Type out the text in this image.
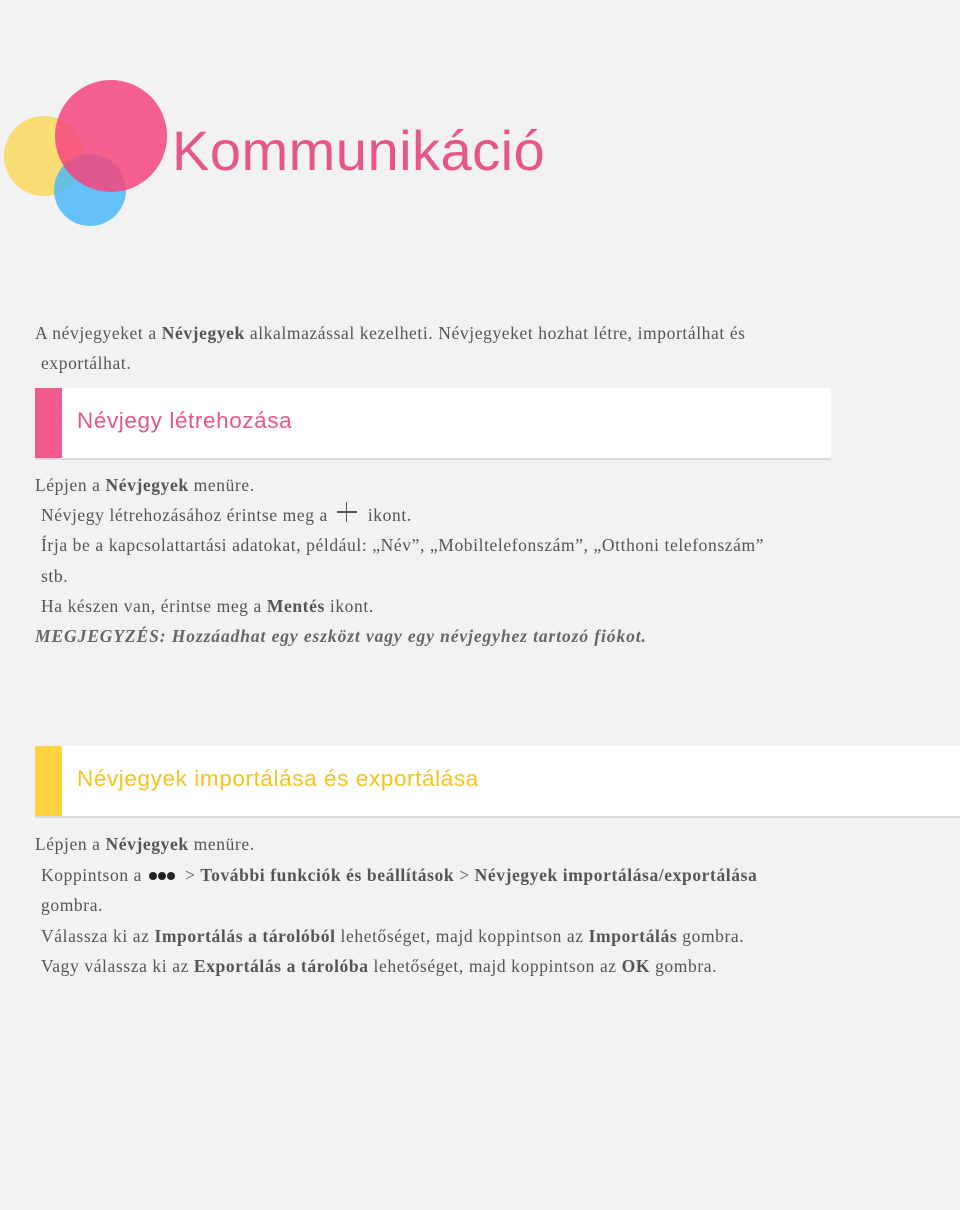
Kommunikáció
A névjegyeket a Névjegyek alkalmazással kezelheti. Névjegyeket hozhat létre, importálhat és
exportálhat.
Névjegy létrehozása
Lépjen a Névjegyek menüre.
Névjegy létrehozásához érintse meg a  ikont.
Írja be a kapcsolattartási adatokat, például: „Név”, „Mobiltelefonszám”, „Otthoni telefonszám”
stb.
Ha készen van, érintse meg a Mentés ikont.
MEGJEGYZÉS: Hozzáadhat egy eszközt vagy egy névjegyhez tartozó fiókot.
Névjegyek importálása és exportálása
Lépjen a Névjegyek menüre.
Koppintson a  > További funkciók és beállítások > Névjegyek importálása/exportálása
gombra.
Válassza ki az Importálás a tárolóból lehetőséget, majd koppintson az Importálás gombra.
Vagy válassza ki az Exportálás a tárolóba lehetőséget, majd koppintson az OK gombra.
